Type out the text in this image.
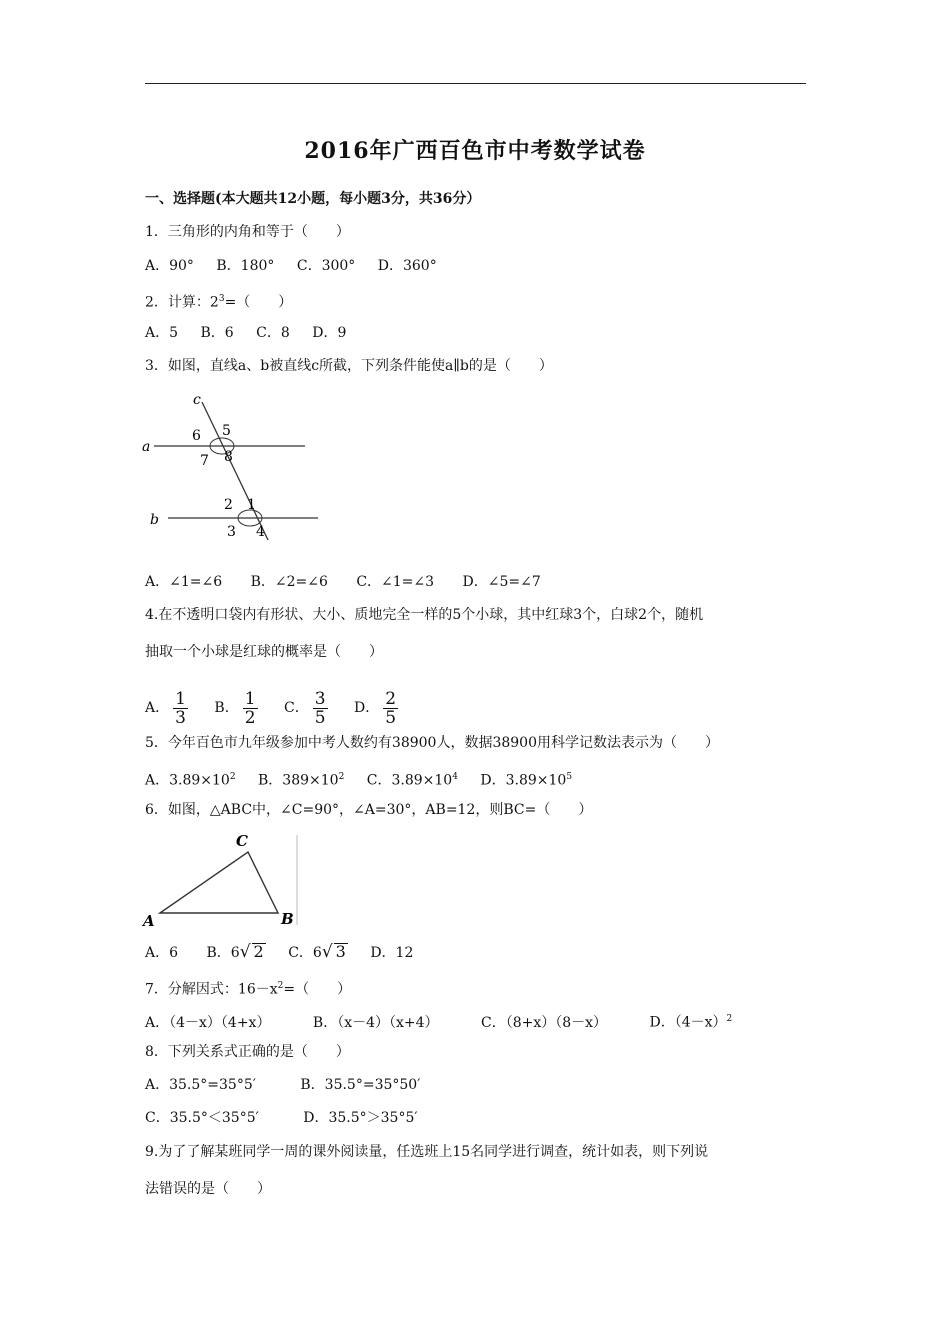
2016年广西百色市中考数学试卷
一、选择题(本大题共12小题，每小题3分，共36分）
1．三角形的内角和等于（　　）
A．90° B．180° C．300° D．360°
2．计算：$2^3=$（　　）
A．5 B．6 C．8 D．9
3．如图，直线a、b被直线c所截，下列条件能使a∥b的是（　　）
a
b
c
5
6
7 8
1
2
3 4
A．∠1=∠6 B．∠2=∠6 C．∠1=∠3 D．∠5=∠7
4.在不透明口袋内有形状、大小、质地完全一样的5个小球，其中红球3个，白球2个，随机
抽取一个小球是红球的概率是（　　）
A． $\frac{1}{3}$ B． $\frac{1}{2}$ C． $\frac{3}{5}$ D． $\frac{2}{5}$
5．今年百色市九年级参加中考人数约有38900人，数据38900用科学记数法表示为（　　）
A．$3.89\times 10^2$ B．$389\times 10^2$ C．$3.89\times 10^4$ D．$3.89\times 10^5$
6．如图，△ABC中，∠C=90°，∠A=30°，AB=12，则BC=（　　）
A	B
C
A．6 B．6√ 2 C．6√ 3 D．12
7．分解因式：$16-x^2=$（　　）
A．（4－x）（4+x）	B．（x－4）（x+4）	C．（8+x）（8－x）	D．$(4-x)^2$
8．下列关系式正确的是（　　）
A．35.5°=35°5′	B．35.5°=35°50′
C．35.5°＜35°5′	D．35.5°＞35°5′
9.为了了解某班同学一周的课外阅读量，任选班上15名同学进行调查，统计如表，则下列说
法错误的是（　　）
